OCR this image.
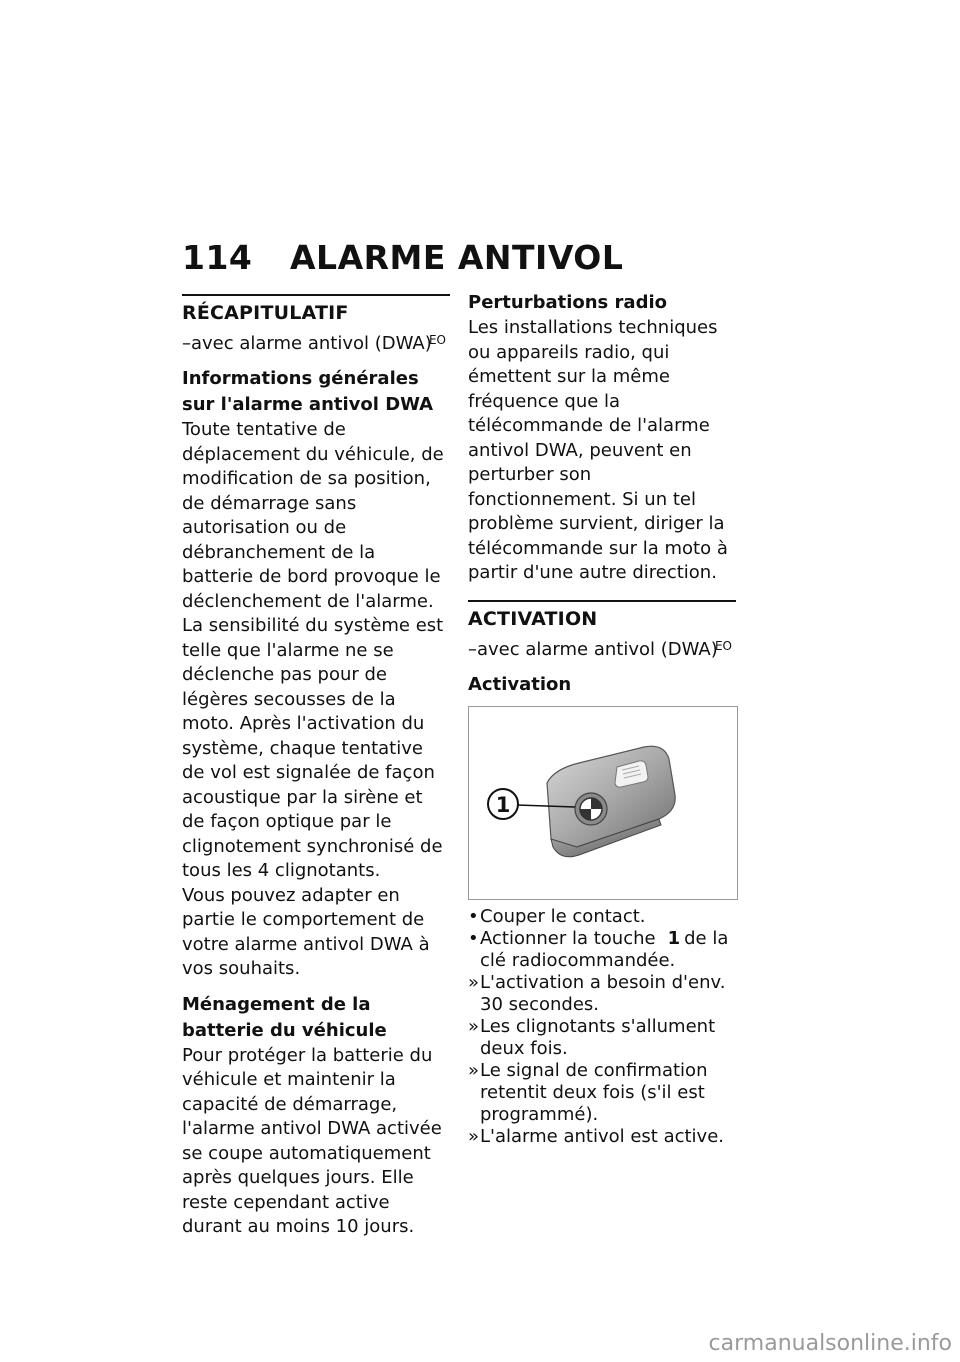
114 ALARME ANTIVOL
RÉCAPITULATIF
–avec alarme antivol (DWA)
EO
Informations générales sur l'alarme antivol DWA

Toute tentative de déplacement du véhicule, de modification de sa position, de démarrage sans autorisation ou de débranchement de la batterie de bord provoque le déclenchement de l'alarme. La sensibilité du système est telle que l'alarme ne se déclenche pas pour de légères secousses de la moto. Après l'activation du système, chaque tentative de vol est signalée de façon acoustique par la sirène et de façon optique par le clignotement synchronisé de tous les 4 clignotants.

Vous pouvez adapter en partie le comportement de votre alarme antivol DWA à vos souhaits.

Ménagement de la batterie du véhicule

Pour protéger la batterie du véhicule et maintenir la capacité de démarrage, l'alarme antivol DWA activée se coupe automatiquement après quelques jours. Elle reste cependant active durant au moins 10 jours.

Perturbations radio

Les installations techniques ou appareils radio, qui émettent sur la même fréquence que la télécommande de l'alarme antivol DWA, peuvent en perturber son fonctionnement. Si un tel problème survient, diriger la télécommande sur la moto à partir d'une autre direction.

ACTIVATION
–avec alarme antivol (DWA)
EO
Activation
1
• Couper le contact.
• Actionner la touche 1 de la clé radiocommandée.
» L'activation a besoin d'env. 30 secondes.
» Les clignotants s'allument deux fois.
» Le signal de confirmation retentit deux fois (s'il est programmé).
» L'alarme antivol est active.
carmanualsonline.info
